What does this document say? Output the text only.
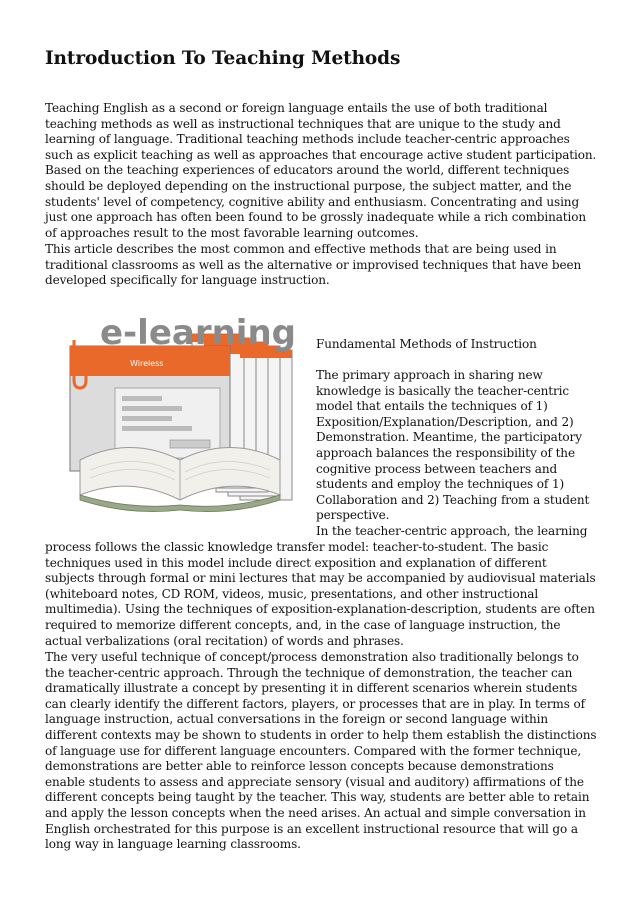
Introduction To Teaching Methods

Teaching English as a second or foreign language entails the use of both traditional teaching methods as well as instructional techniques that are unique to the study and learning of language. Traditional teaching methods include teacher-centric approaches such as explicit teaching as well as approaches that encourage active student participation. Based on the teaching experiences of educators around the world, different techniques should be deployed depending on the instructional purpose, the subject matter, and the students' level of competency, cognitive ability and enthusiasm. Concentrating and using just one approach has often been found to be grossly inadequate while a rich combination of approaches result to the most favorable learning outcomes.

This article describes the most common and effective methods that are being used in traditional classrooms as well as the alternative or improvised techniques that have been developed specifically for language instruction.

Wireless
e-learning Fundamental Methods of Instruction

The primary approach in sharing new knowledge is basically the teacher-centric model that entails the techniques of 1) Exposition/Explanation/Description, and 2) Demonstration. Meantime, the participatory approach balances the responsibility of the cognitive process between teachers and students and employ the techniques of 1) Collaboration and 2) Teaching from a student perspective.

In the teacher-centric approach, the learning

process follows the classic knowledge transfer model: teacher-to-student. The basic techniques used in this model include direct exposition and explanation of different subjects through formal or mini lectures that may be accompanied by audiovisual materials (whiteboard notes, CD ROM, videos, music, presentations, and other instructional multimedia). Using the techniques of exposition-explanation-description, students are often required to memorize different concepts, and, in the case of language instruction, the actual verbalizations (oral recitation) of words and phrases.

The very useful technique of concept/process demonstration also traditionally belongs to the teacher-centric approach. Through the technique of demonstration, the teacher can dramatically illustrate a concept by presenting it in different scenarios wherein students can clearly identify the different factors, players, or processes that are in play. In terms of language instruction, actual conversations in the foreign or second language within different contexts may be shown to students in order to help them establish the distinctions of language use for different language encounters. Compared with the former technique, demonstrations are better able to reinforce lesson concepts because demonstrations enable students to assess and appreciate sensory (visual and auditory) affirmations of the different concepts being taught by the teacher. This way, students are better able to retain and apply the lesson concepts when the need arises. An actual and simple conversation in English orchestrated for this purpose is an excellent instructional resource that will go a long way in language learning classrooms.
